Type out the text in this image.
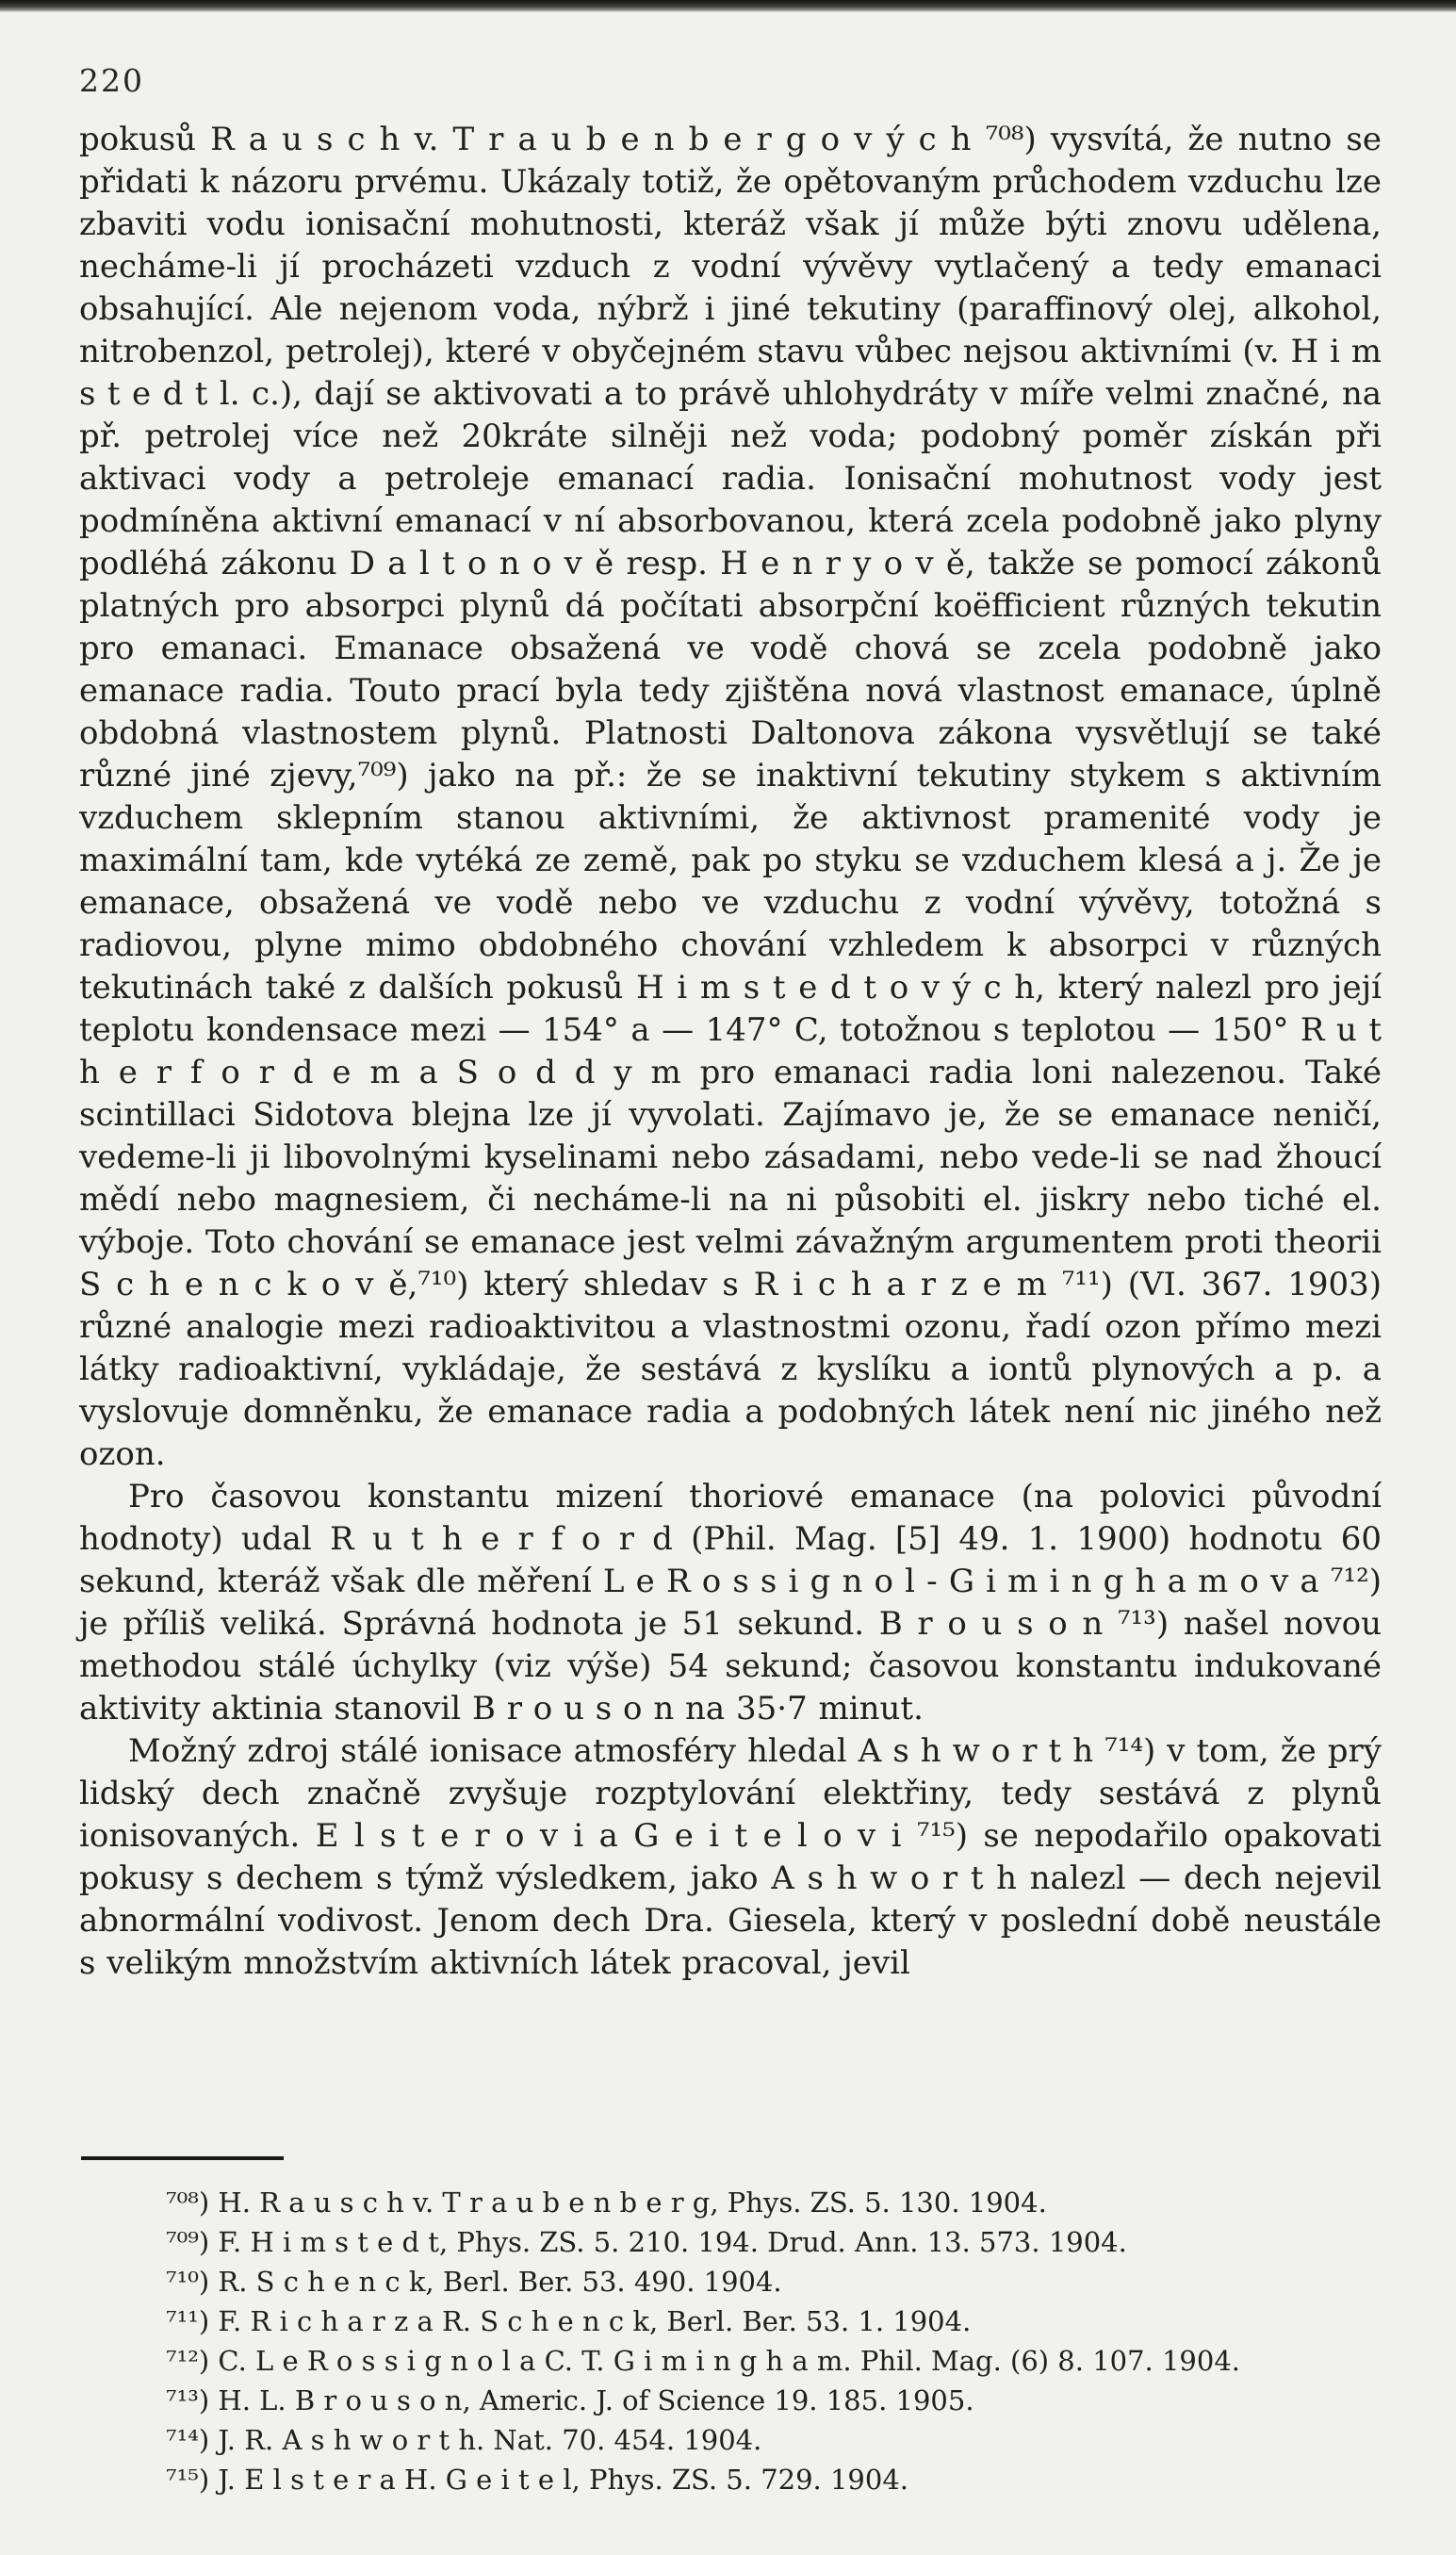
220

pokusů R a u s c h v. T r a u b e n b e r g o v ý c h ⁷⁰⁸) vysvítá, že nutno se přidati k názoru prvému. Ukázaly totiž, že opětovaným průchodem vzduchu lze zbaviti vodu ionisační mohutnosti, kteráž však jí může býti znovu udělena, necháme-li jí procházeti vzduch z vodní vývěvy vytlačený a tedy emanaci obsahující. Ale nejenom voda, nýbrž i jiné tekutiny (paraffinový olej, alkohol, nitrobenzol, petrolej), které v obyčejném stavu vůbec nejsou aktivními (v. H i m s t e d t l. c.), dají se aktivovati a to právě uhlohydráty v míře velmi značné, na př. petrolej více než 20kráte silněji než voda; podobný poměr získán při aktivaci vody a petroleje emanací radia. Ionisační mohutnost vody jest podmíněna aktivní emanací v ní absorbovanou, která zcela podobně jako plyny podléhá zákonu D a l t o n o v ě resp. H e n r y o v ě, takže se pomocí zákonů platných pro absorpci plynů dá počítati absorpční koëfficient různých tekutin pro emanaci. Emanace obsažená ve vodě chová se zcela podobně jako emanace radia. Touto prací byla tedy zjištěna nová vlastnost emanace, úplně obdobná vlastnostem plynů. Platnosti Daltonova zákona vysvětlují se také různé jiné zjevy,⁷⁰⁹) jako na př.: že se inaktivní tekutiny stykem s aktivním vzduchem sklepním stanou aktivními, že aktivnost pramenité vody je maximální tam, kde vytéká ze země, pak po styku se vzduchem klesá a j. Že je emanace, obsažená ve vodě nebo ve vzduchu z vodní vývěvy, totožná s radiovou, plyne mimo obdobného chování vzhledem k absorpci v různých tekutinách také z dalších pokusů H i m s t e d t o v ý c h, který nalezl pro její teplotu kondensace mezi — 154° a — 147° C, totožnou s teplotou — 150° R u t h e r f o r d e m a S o d d y m pro emanaci radia loni nalezenou. Také scintillaci Sidotova blejna lze jí vyvolati. Zajímavo je, že se emanace neničí, vedeme-li ji libovolnými kyselinami nebo zásadami, nebo vede-li se nad žhoucí mědí nebo magnesiem, či necháme-li na ni působiti el. jiskry nebo tiché el. výboje. Toto chování se emanace jest velmi závažným argumentem proti theorii S c h e n c k o v ě,⁷¹⁰) který shledav s R i c h a r z e m ⁷¹¹) (VI. 367. 1903) různé analogie mezi radioaktivitou a vlastnostmi ozonu, řadí ozon přímo mezi látky radioaktivní, vykládaje, že sestává z kyslíku a iontů plynových a p. a vyslovuje domněnku, že emanace radia a podobných látek není nic jiného než ozon.

Pro časovou konstantu mizení thoriové emanace (na polovici původní hodnoty) udal R u t h e r f o r d (Phil. Mag. [5] 49. 1. 1900) hodnotu 60 sekund, kteráž však dle měření L e R o s s i g n o l - G i m i n g h a m o v a ⁷¹²) je příliš veliká. Správná hodnota je 51 sekund. B r o u s o n ⁷¹³) našel novou methodou stálé úchylky (viz výše) 54 sekund; časovou konstantu indukované aktivity aktinia stanovil B r o u s o n na 35·7 minut.

Možný zdroj stálé ionisace atmosféry hledal A s h w o r t h ⁷¹⁴) v tom, že prý lidský dech značně zvyšuje rozptylování elektřiny, tedy sestává z plynů ionisovaných. E l s t e r o v i a G e i t e l o v i ⁷¹⁵) se nepodařilo opakovati pokusy s dechem s týmž výsledkem, jako A s h w o r t h nalezl — dech nejevil abnormální vodivost. Jenom dech Dra. Giesela, který v poslední době neustále s velikým množstvím aktivních látek pracoval, jevil

⁷⁰⁸) H. R a u s c h v. T r a u b e n b e r g, Phys. ZS. 5. 130. 1904.
⁷⁰⁹) F. H i m s t e d t, Phys. ZS. 5. 210. 194. Drud. Ann. 13. 573. 1904.
⁷¹⁰) R. S c h e n c k, Berl. Ber. 53. 490. 1904.
⁷¹¹) F. R i c h a r z a R. S c h e n c k, Berl. Ber. 53. 1. 1904.
⁷¹²) C. L e R o s s i g n o l a C. T. G i m i n g h a m. Phil. Mag. (6) 8. 107. 1904.
⁷¹³) H. L. B r o u s o n, Americ. J. of Science 19. 185. 1905.
⁷¹⁴) J. R. A s h w o r t h. Nat. 70. 454. 1904.
⁷¹⁵) J. E l s t e r a H. G e i t e l, Phys. ZS. 5. 729. 1904.
